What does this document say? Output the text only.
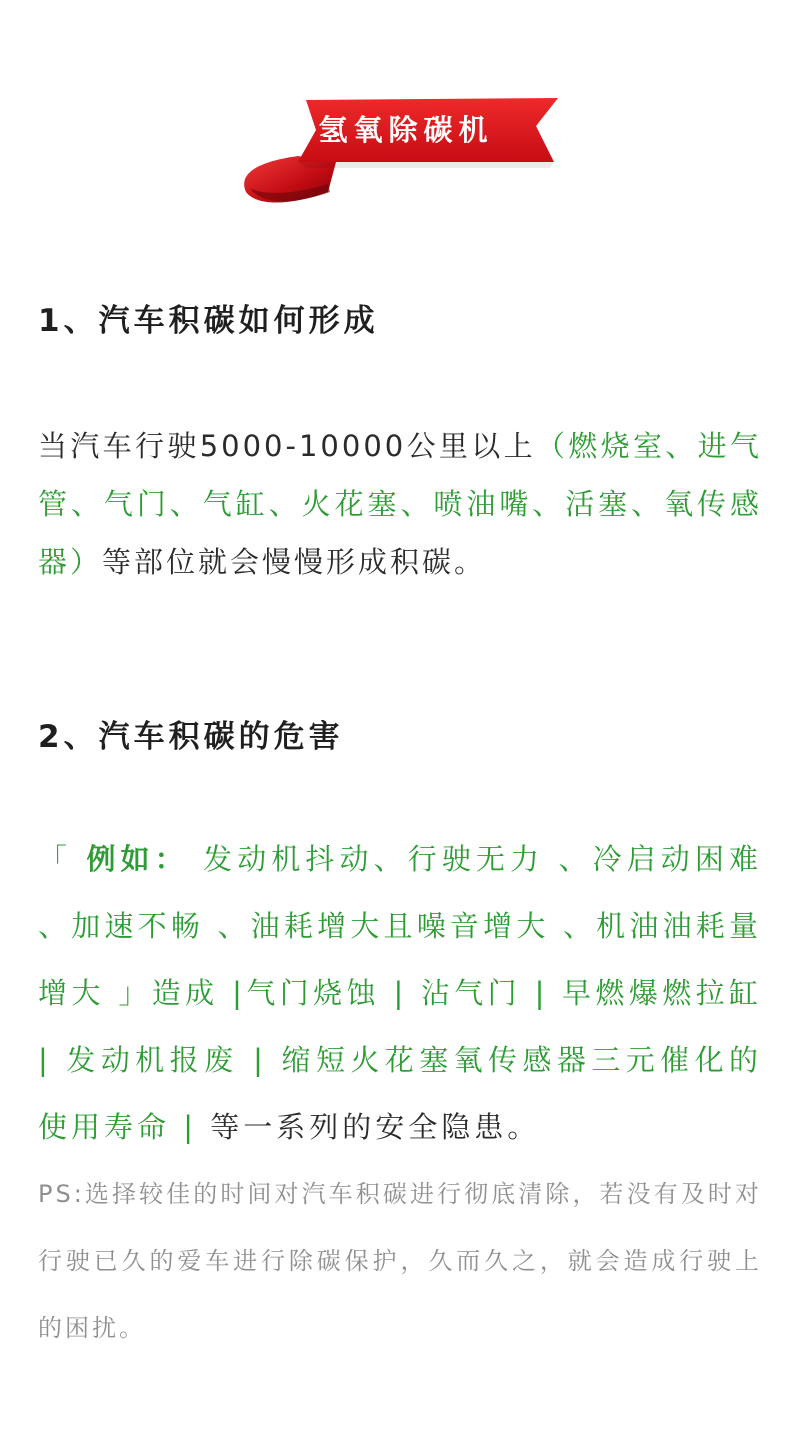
氢氧除碳机
1、汽车积碳如何形成
当汽车行驶5000-10000公里以上（燃烧室、进气管、气门、气缸、火花塞、喷油嘴、活塞、氧传感器）等部位就会慢慢形成积碳。
2、汽车积碳的危害
「 例如： 发动机抖动、行驶无力 、冷启动困难 、加速不畅 、油耗增大且噪音增大 、机油油耗量增大 」造成 |气门烧蚀 | 沾气门 | 早燃爆燃拉缸 | 发动机报废 | 缩短火花塞氧传感器三元催化的使用寿命 | 等一系列的安全隐患。
PS:选择较佳的时间对汽车积碳进行彻底清除，若没有及时对行驶已久的爱车进行除碳保护，久而久之，就会造成行驶上的困扰。
